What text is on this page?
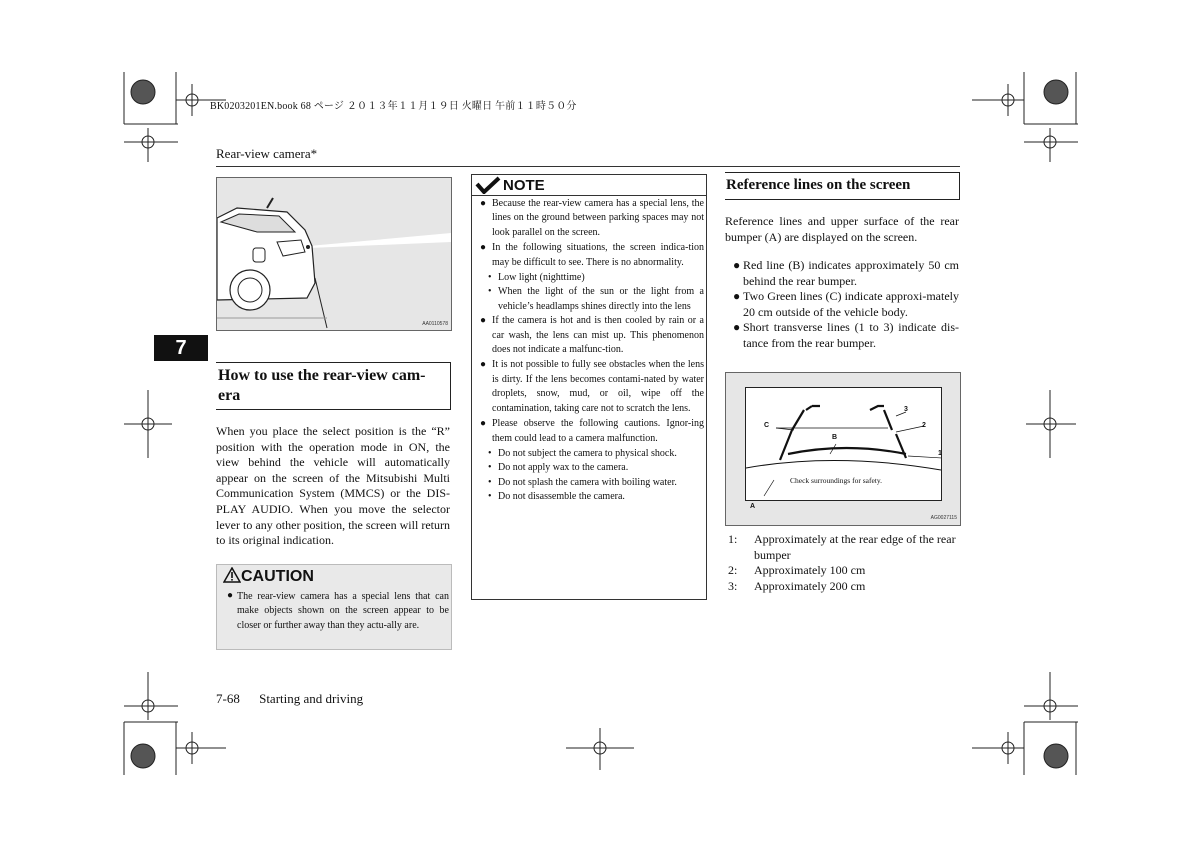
BK0203201EN.book 68 ページ ２０１３年１１月１９日 火曜日 午前１１時５０分
Rear-view camera*
7
AA0110578
How to use the rear-view cam-
era
When you place the select position is the “R” position with the operation mode in ON, the view behind the vehicle will automatically appear on the screen of the Mitsubishi Multi Communication System (MMCS) or the DIS-PLAY AUDIO. When you move the selector lever to any other position, the screen will return to its original indication.
CAUTION
● The rear-view camera has a special lens that can make objects shown on the screen appear to be closer or further away than they actu-ally are.
NOTE
● Because the rear-view camera has a special lens, the lines on the ground between parking spaces may not look parallel on the screen.
● In the following situations, the screen indica-tion may be difficult to see. There is no abnormality.
• Low light (nighttime)
• When the light of the sun or the light from a vehicle’s headlamps shines directly into the lens
● If the camera is hot and is then cooled by rain or a car wash, the lens can mist up. This phenomenon does not indicate a malfunc-tion.
● It is not possible to fully see obstacles when the lens is dirty. If the lens becomes contami-nated by water droplets, snow, mud, or oil, wipe off the contamination, taking care not to scratch the lens.
● Please observe the following cautions. Ignor-ing them could lead to a camera malfunction.
• Do not subject the camera to physical shock.
• Do not apply wax to the camera.
• Do not splash the camera with boiling water.
• Do not disassemble the camera.
Reference lines on the screen
Reference lines and upper surface of the rear bumper (A) are displayed on the screen.
● Red line (B) indicates approximately 50 cm behind the rear bumper.
● Two Green lines (C) indicate approxi-mately 20 cm outside of the vehicle body.
● Short transverse lines (1 to 3) indicate dis-tance from the rear bumper.
C
B
3
2
1
Check surroundings for safety.
A
AG0027115
1: Approximately at the rear edge of the rear bumper
2: Approximately 100 cm
3: Approximately 200 cm
7-68 Starting and driving
